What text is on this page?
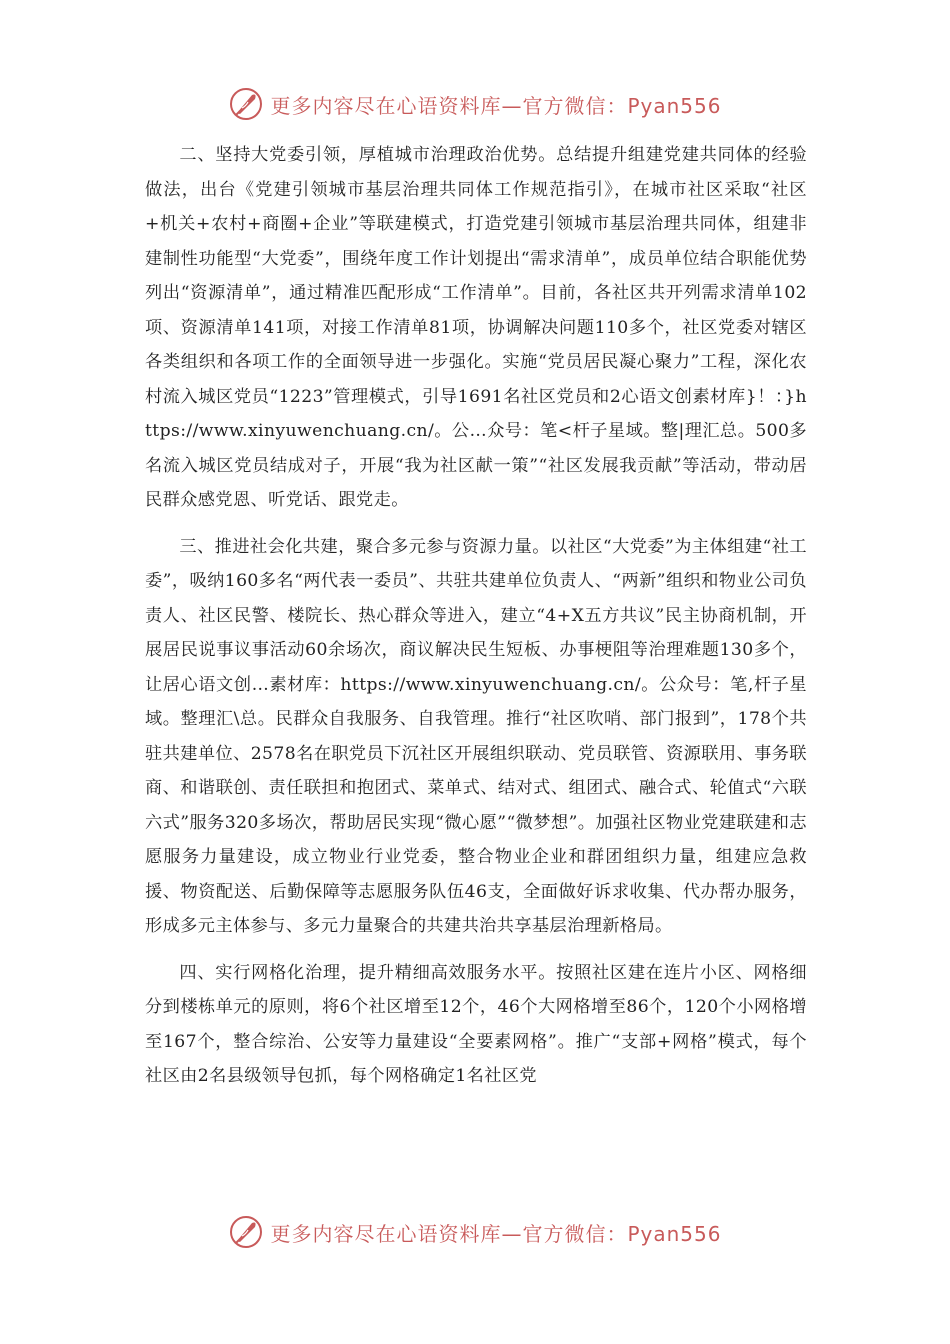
更多内容尽在心语资料库—官方微信：Pyan556

二、坚持大党委引领，厚植城市治理政治优势。总结提升组建党建共同体的经验做法，出台《党建引领城市基层治理共同体工作规范指引》，在城市社区采取“社区+机关+农村+商圈+企业”等联建模式，打造党建引领城市基层治理共同体，组建非建制性功能型“大党委”，围绕年度工作计划提出“需求清单”，成员单位结合职能优势列出“资源清单”，通过精准匹配形成“工作清单”。目前，各社区共开列需求清单102项、资源清单141项，对接工作清单81项，协调解决问题110多个，社区党委对辖区各类组织和各项工作的全面领导进一步强化。实施“党员居民凝心聚力”工程，深化农村流入城区党员“1223”管理模式，引导1691名社区党员和2心语文创素材库}！：}https://www.xinyuwenchuang.cn/。公…众号：笔<杆子星域。整|理汇总。500多名流入城区党员结成对子，开展“我为社区献一策”“社区发展我贡献”等活动，带动居民群众感党恩、听党话、跟党走。

三、推进社会化共建，聚合多元参与资源力量。以社区“大党委”为主体组建“社工委”，吸纳160多名“两代表一委员”、共驻共建单位负责人、“两新”组织和物业公司负责人、社区民警、楼院长、热心群众等进入，建立“4+X五方共议”民主协商机制，开展居民说事议事活动60余场次，商议解决民生短板、办事梗阻等治理难题130多个，让居心语文创…素材库：https://www.xinyuwenchuang.cn/。公众号：笔,杆子星域。整理汇\总。民群众自我服务、自我管理。推行“社区吹哨、部门报到”，178个共驻共建单位、2578名在职党员下沉社区开展组织联动、党员联管、资源联用、事务联商、和谐联创、责任联担和抱团式、菜单式、结对式、组团式、融合式、轮值式“六联六式”服务320多场次，帮助居民实现“微心愿”“微梦想”。加强社区物业党建联建和志愿服务力量建设，成立物业行业党委，整合物业企业和群团组织力量，组建应急救援、物资配送、后勤保障等志愿服务队伍46支，全面做好诉求收集、代办帮办服务，形成多元主体参与、多元力量聚合的共建共治共享基层治理新格局。

四、实行网格化治理，提升精细高效服务水平。按照社区建在连片小区、网格细分到楼栋单元的原则，将6个社区增至12个，46个大网格增至86个，120个小网格增至167个，整合综治、公安等力量建设“全要素网格”。推广“支部+网格”模式，每个社区由2名县级领导包抓，每个网格确定1名社区党

更多内容尽在心语资料库—官方微信：Pyan556
